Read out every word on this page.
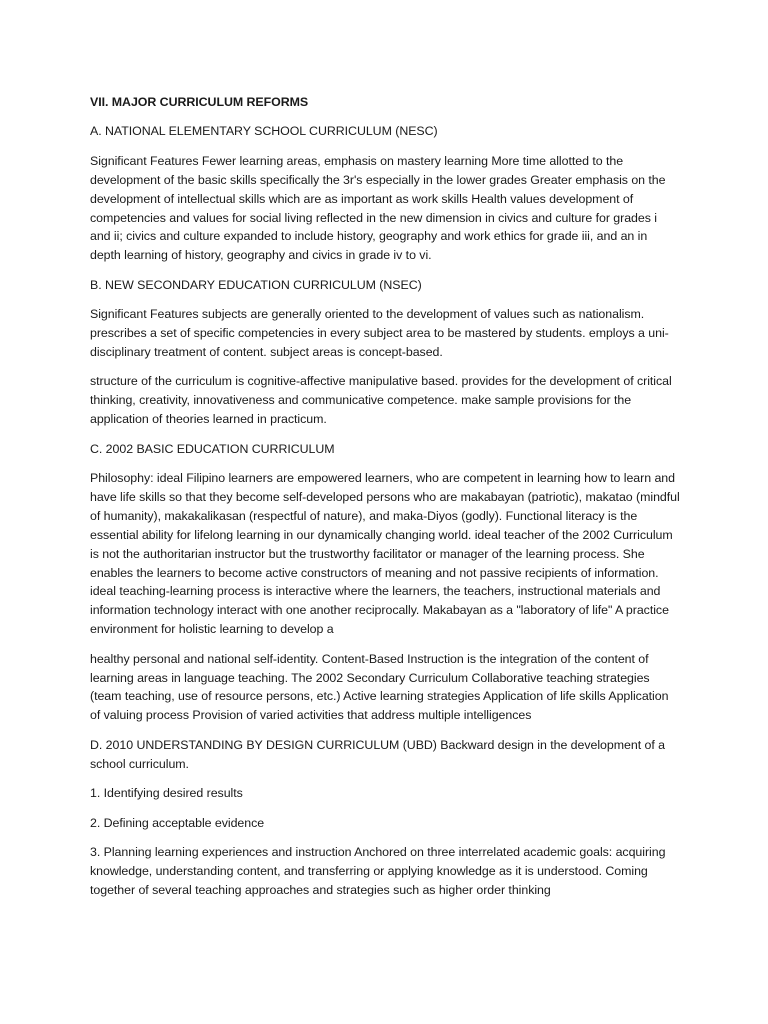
VII. MAJOR CURRICULUM REFORMS

A. NATIONAL ELEMENTARY SCHOOL CURRICULUM (NESC)

Significant Features Fewer learning areas, emphasis on mastery learning More time allotted to the development of the basic skills specifically the 3r's especially in the lower grades Greater emphasis on the development of intellectual skills which are as important as work skills Health values development of competencies and values for social living reflected in the new dimension in civics and culture for grades i and ii; civics and culture expanded to include history, geography and work ethics for grade iii, and an in depth learning of history, geography and civics in grade iv to vi.

B. NEW SECONDARY EDUCATION CURRICULUM (NSEC)

Significant Features subjects are generally oriented to the development of values such as nationalism. prescribes a set of specific competencies in every subject area to be mastered by students. employs a uni-disciplinary treatment of content. subject areas is concept-based.

structure of the curriculum is cognitive-affective manipulative based. provides for the development of critical thinking, creativity, innovativeness and communicative competence. make sample provisions for the application of theories learned in practicum.

C. 2002 BASIC EDUCATION CURRICULUM

Philosophy: ideal Filipino learners are empowered learners, who are competent in learning how to learn and have life skills so that they become self-developed persons who are makabayan (patriotic), makatao (mindful of humanity), makakalikasan (respectful of nature), and maka-Diyos (godly). Functional literacy is the essential ability for lifelong learning in our dynamically changing world. ideal teacher of the 2002 Curriculum is not the authoritarian instructor but the trustworthy facilitator or manager of the learning process. She enables the learners to become active constructors of meaning and not passive recipients of information. ideal teaching-learning process is interactive where the learners, the teachers, instructional materials and information technology interact with one another reciprocally. Makabayan as a "laboratory of life" A practice environment for holistic learning to develop a

healthy personal and national self-identity. Content-Based Instruction is the integration of the content of learning areas in language teaching. The 2002 Secondary Curriculum Collaborative teaching strategies (team teaching, use of resource persons, etc.) Active learning strategies Application of life skills Application of valuing process Provision of varied activities that address multiple intelligences

D. 2010 UNDERSTANDING BY DESIGN CURRICULUM (UBD) Backward design in the development of a school curriculum.

1. Identifying desired results

2. Defining acceptable evidence

3. Planning learning experiences and instruction Anchored on three interrelated academic goals: acquiring knowledge, understanding content, and transferring or applying knowledge as it is understood. Coming together of several teaching approaches and strategies such as higher order thinking
